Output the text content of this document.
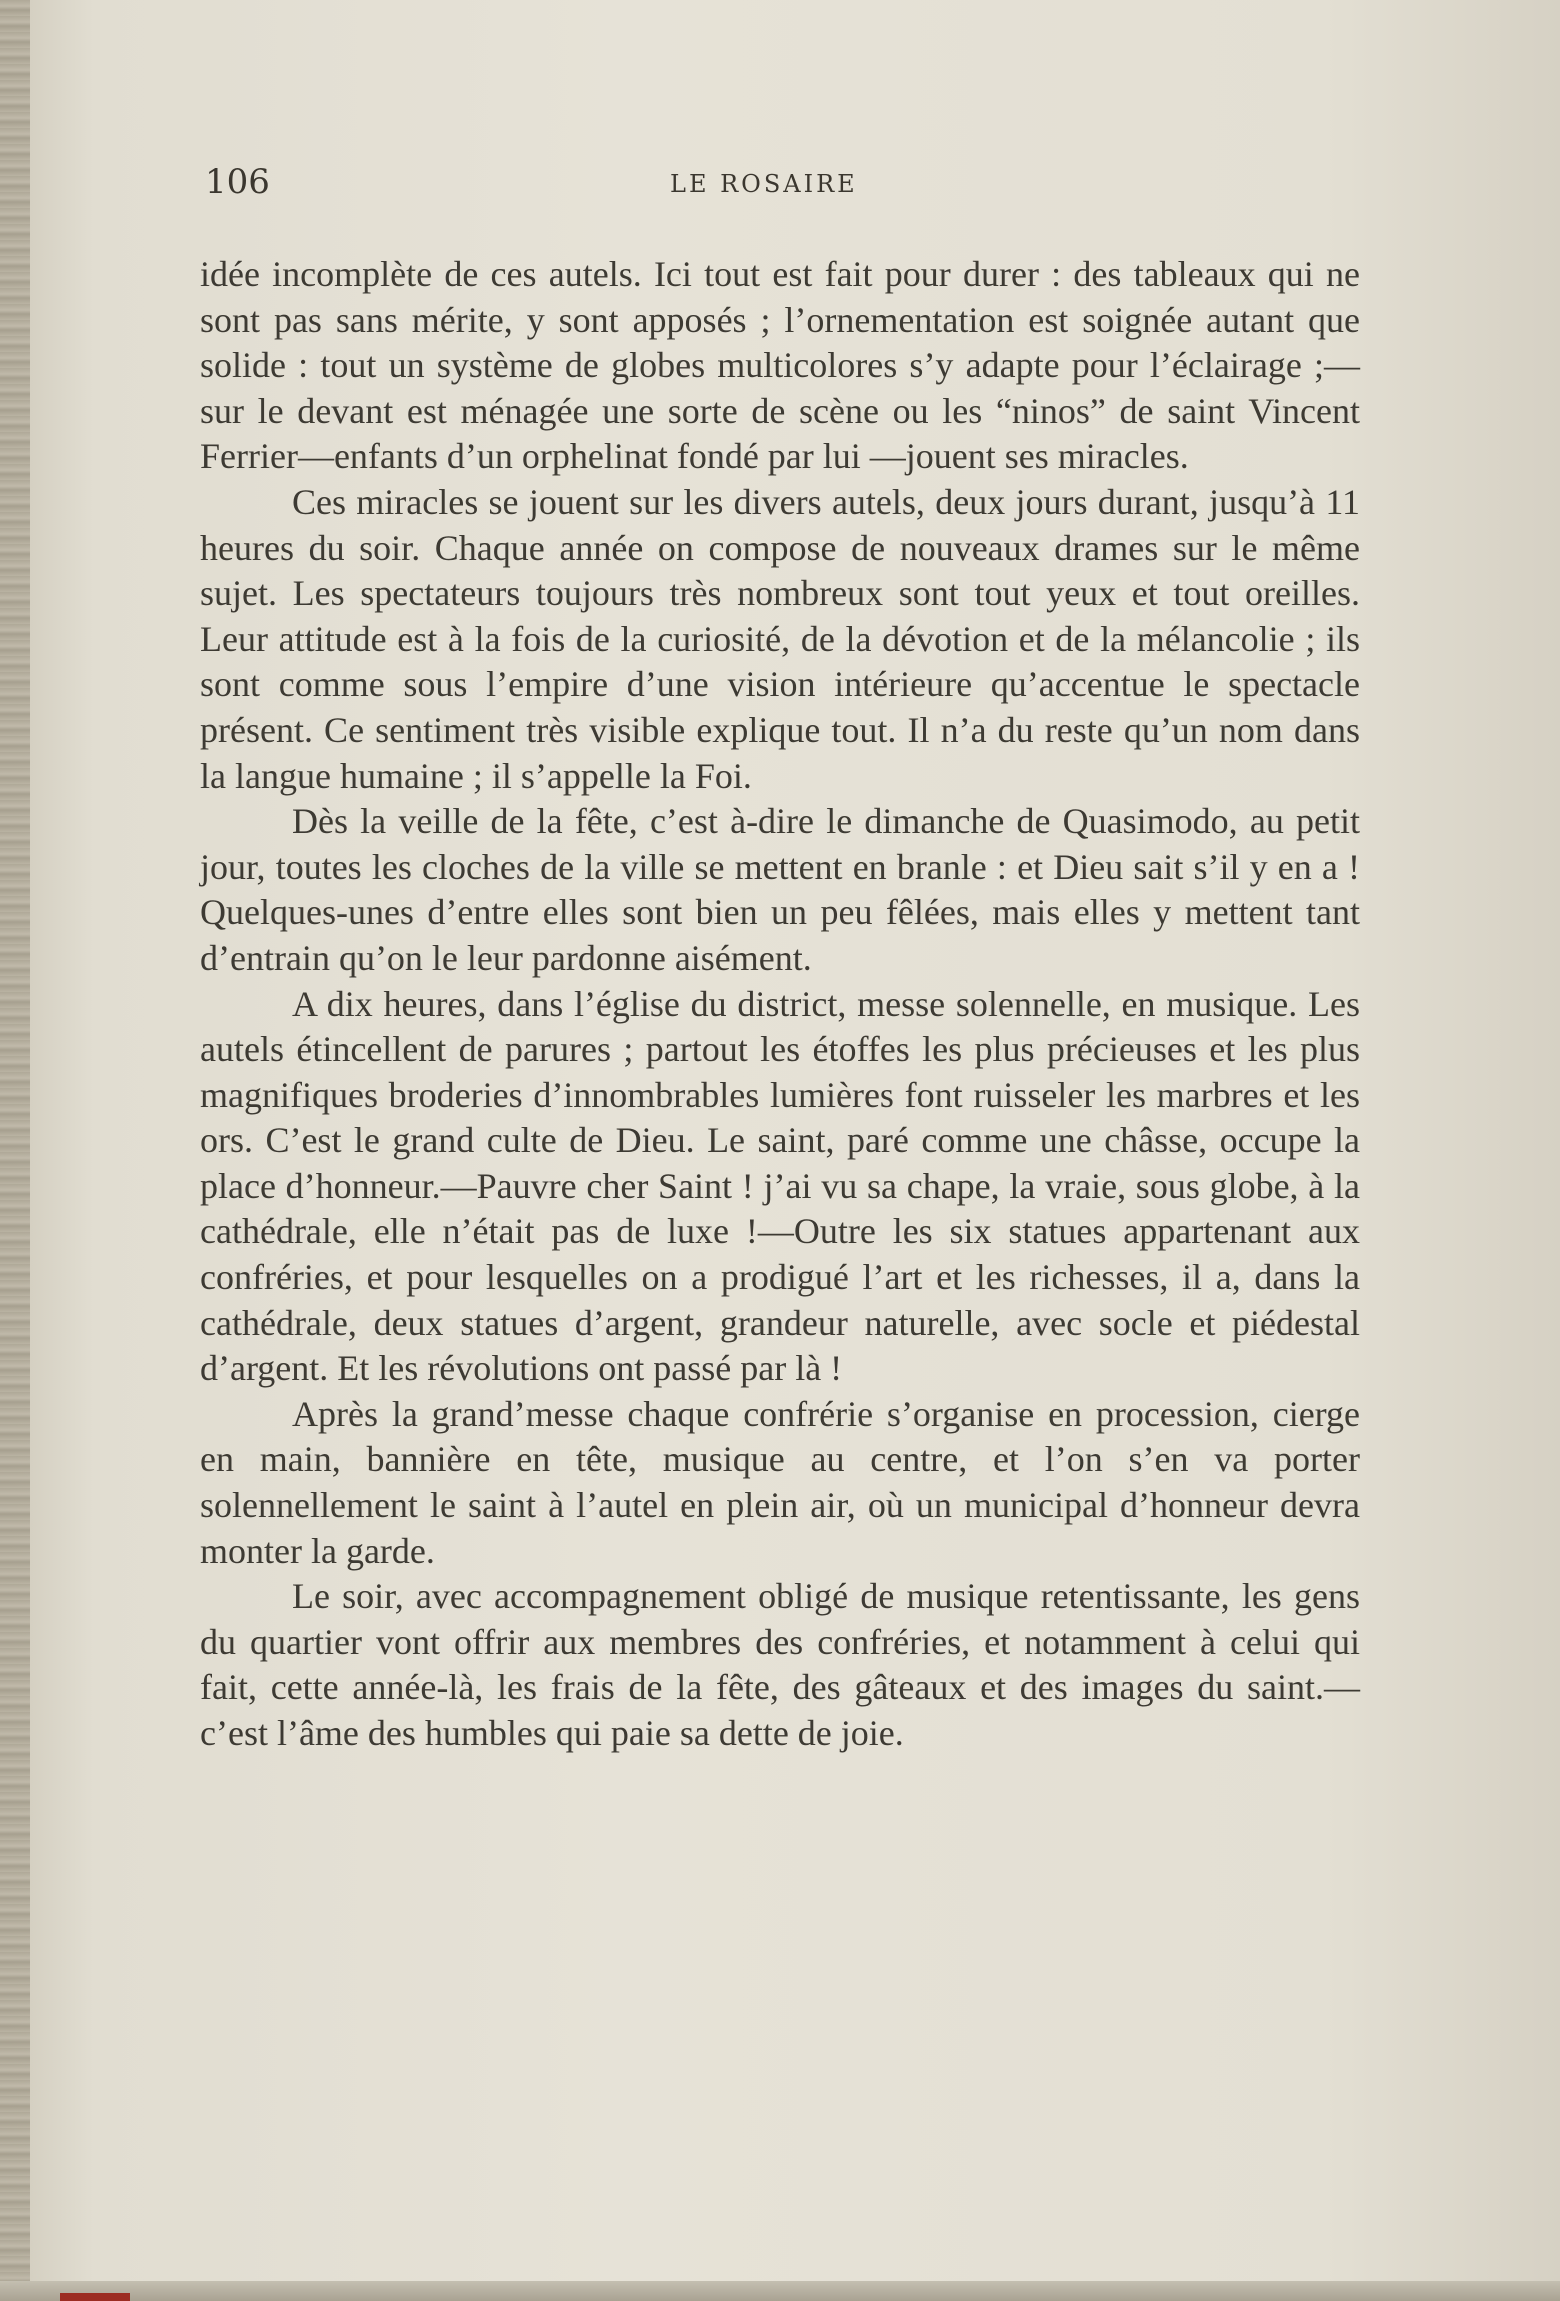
106	LE ROSAIRE

idée incomplète de ces autels. Ici tout est fait pour durer : des tableaux qui ne sont pas sans mérite, y sont apposés ; l’ornementation est soignée autant que solide : tout un système de globes multicolores s’y adapte pour l’éclairage ;—sur le devant est ménagée une sorte de scène ou les “ninos” de saint Vincent Ferrier—enfants d’un orphelinat fondé par lui —jouent ses miracles.

Ces miracles se jouent sur les divers autels, deux jours durant, jusqu’à 11 heures du soir. Chaque année on compose de nouveaux drames sur le même sujet. Les spectateurs toujours très nombreux sont tout yeux et tout oreilles. Leur attitude est à la fois de la curiosité, de la dévotion et de la mélancolie ; ils sont comme sous l’empire d’une vision intérieure qu’accentue le spectacle présent. Ce sentiment très visible explique tout. Il n’a du reste qu’un nom dans la langue humaine ; il s’appelle la Foi.

Dès la veille de la fête, c’est à-dire le dimanche de Quasimodo, au petit jour, toutes les cloches de la ville se mettent en branle : et Dieu sait s’il y en a ! Quelques-unes d’entre elles sont bien un peu fêlées, mais elles y mettent tant d’entrain qu’on le leur pardonne aisément.

A dix heures, dans l’église du district, messe solennelle, en musique. Les autels étincellent de parures ; partout les étoffes les plus précieuses et les plus magnifiques broderies d’innombrables lumières font ruisseler les marbres et les ors. C’est le grand culte de Dieu. Le saint, paré comme une châsse, occupe la place d’honneur.—Pauvre cher Saint ! j’ai vu sa chape, la vraie, sous globe, à la cathédrale, elle n’était pas de luxe !—Outre les six statues appartenant aux confréries, et pour lesquelles on a prodigué l’art et les richesses, il a, dans la cathédrale, deux statues d’argent, grandeur naturelle, avec socle et piédestal d’argent. Et les révolutions ont passé par là !

Après la grand’messe chaque confrérie s’organise en procession, cierge en main, bannière en tête, musique au centre, et l’on s’en va porter solennellement le saint à l’autel en plein air, où un municipal d’honneur devra monter la garde.

Le soir, avec accompagnement obligé de musique retentissante, les gens du quartier vont offrir aux membres des confréries, et notamment à celui qui fait, cette année-là, les frais de la fête, des gâteaux et des images du saint.—c’est l’âme des humbles qui paie sa dette de joie.
